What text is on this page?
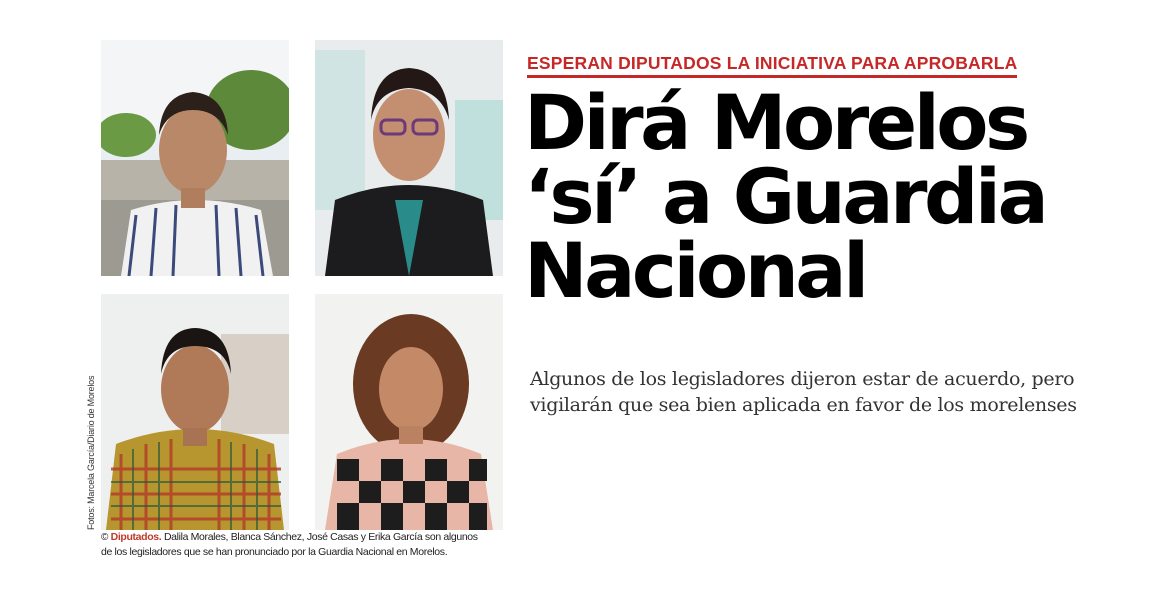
Fotos: Marcela García/Diario de Morelos
© Diputados. Dalila Morales, Blanca Sánchez, José Casas y Erika García son algunos
de los legisladores que se han pronunciado por la Guardia Nacional en Morelos.
ESPERAN DIPUTADOS LA INICIATIVA PARA APROBARLA
Dirá Morelos
‘sí’ a Guardia
Nacional
Algunos de los legisladores dijeron estar de acuerdo, pero
vigilarán que sea bien aplicada en favor de los morelenses
